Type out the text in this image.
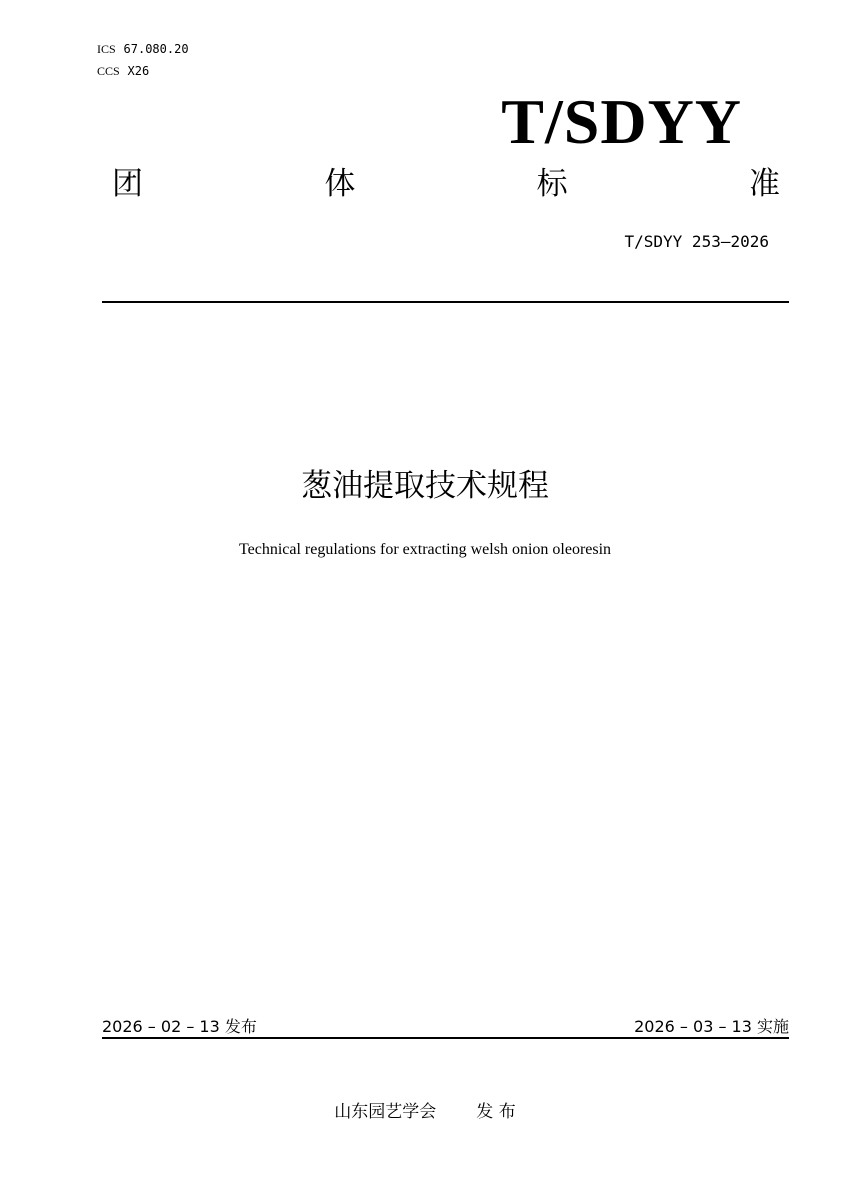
ICS 67.080.20
CCS X26
T/SDYY
团	体	标	准
T/SDYY 253—2026
葱油提取技术规程
Technical regulations for extracting welsh onion oleoresin
2026 – 02 – 13 发布	2026 – 03 – 13 实施
山东园艺学会 发 布
